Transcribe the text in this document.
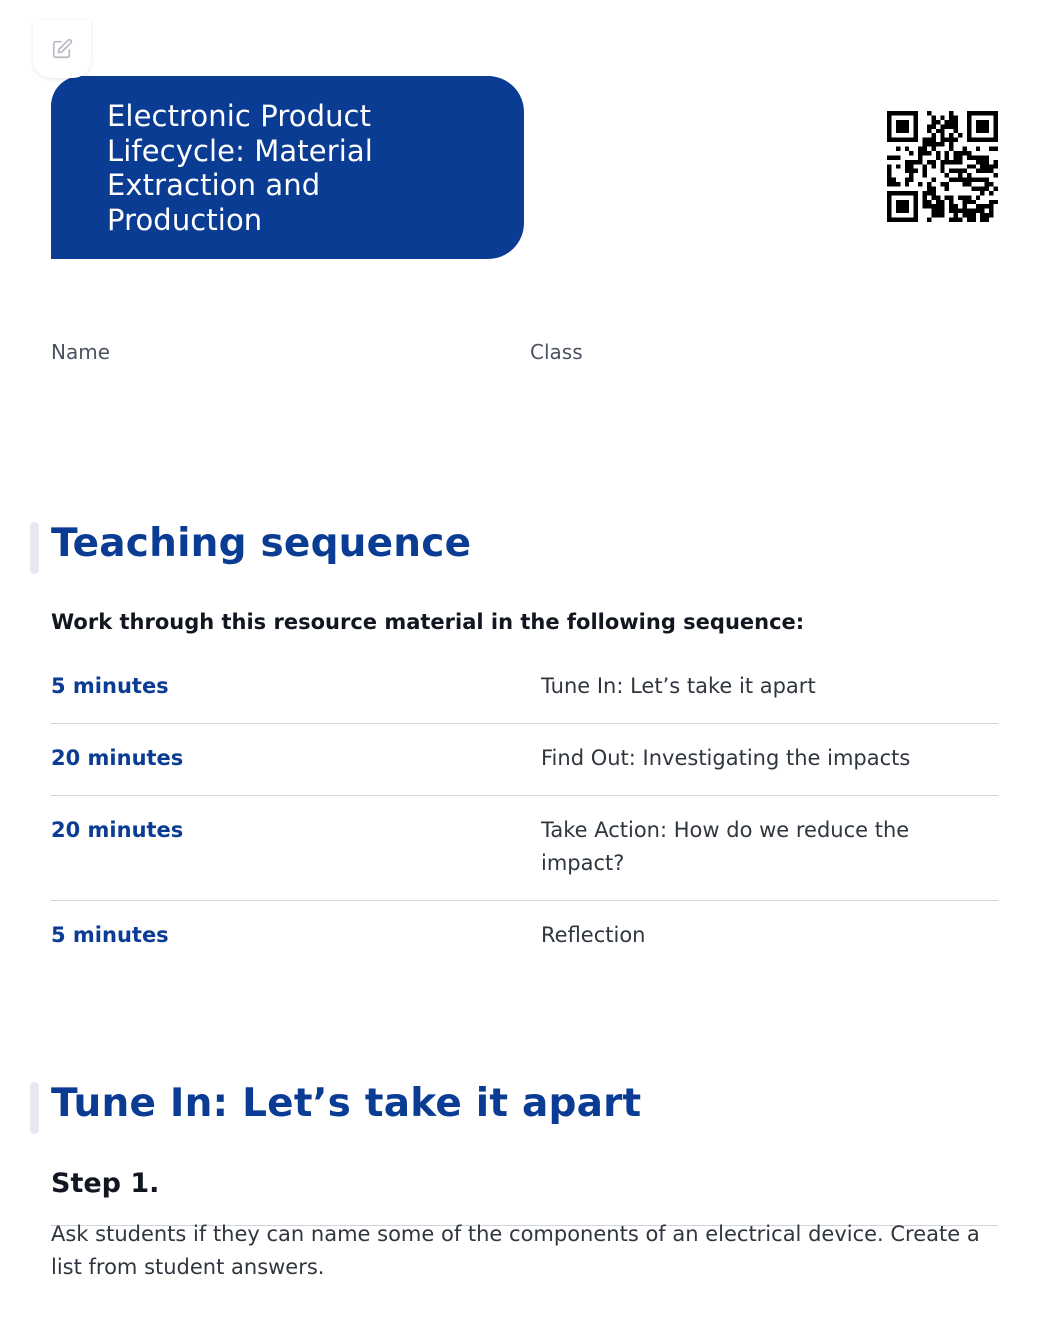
Electronic Product Lifecycle: Material Extraction and Production
Name	Class
Teaching sequence

Work through this resource material in the following sequence:

5 minutes	Tune In: Let’s take it apart
20 minutes	Find Out: Investigating the impacts
20 minutes	Take Action: How do we reduce the impact?
5 minutes	Reflection
Tune In: Let’s take it apart
Step 1.

Ask students if they can name some of the components of an electrical device. Create a list from student answers.
